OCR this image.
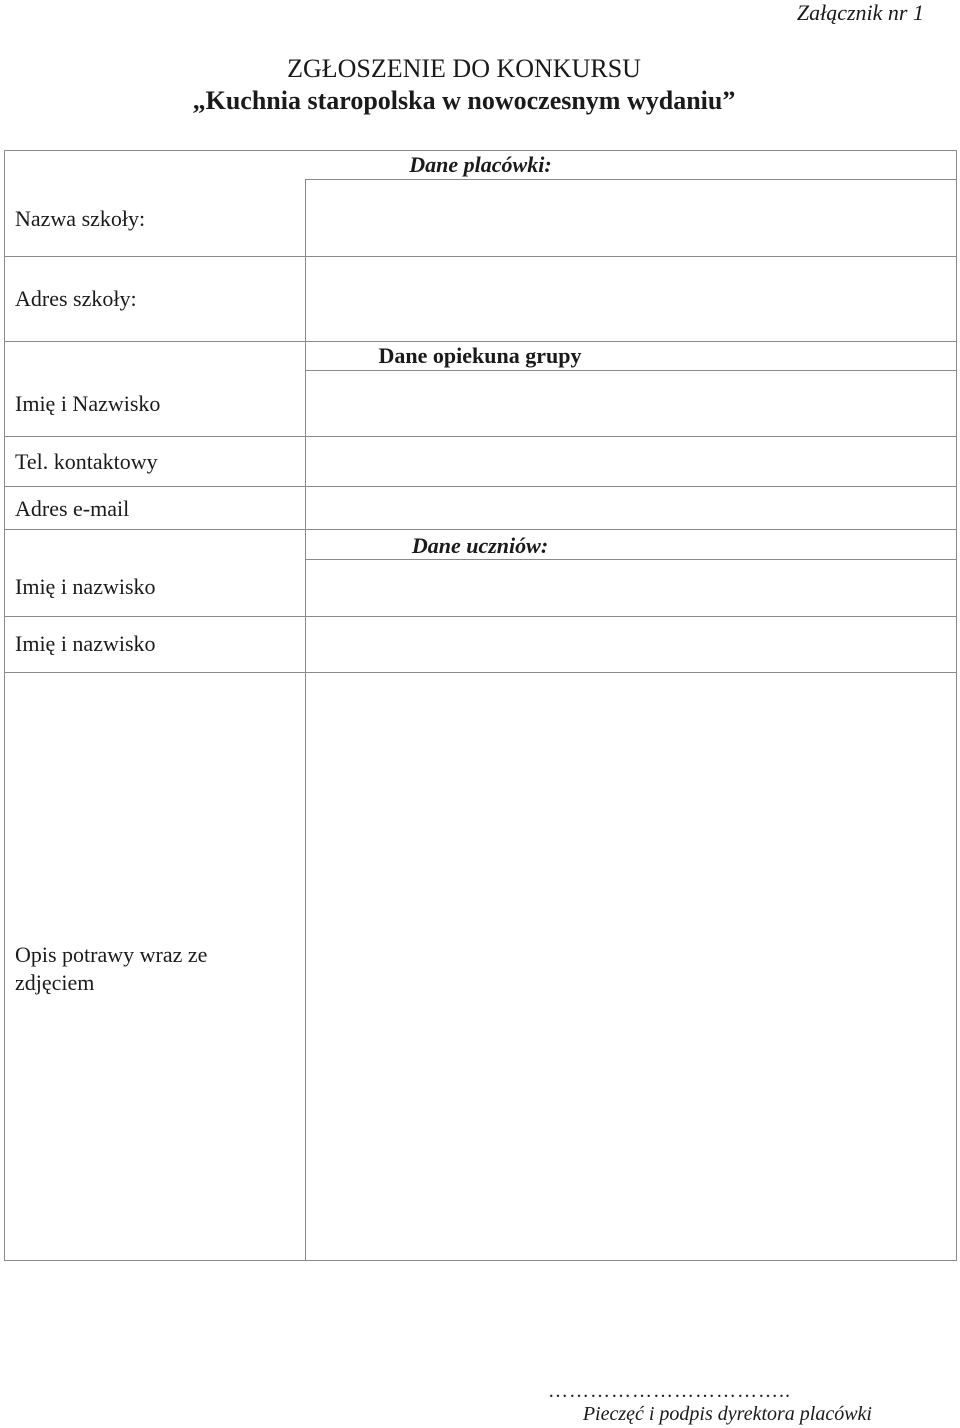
Załącznik nr 1
ZGŁOSZENIE DO KONKURSU
„Kuchnia staropolska w nowoczesnym wydaniu”
Dane placówki:
Nazwa szkoły:
Adres szkoły:
Dane opiekuna grupy
Imię i Nazwisko
Tel. kontaktowy
Adres e-mail
Dane uczniów:
Imię i nazwisko
Imię i nazwisko
Opis potrawy wraz ze zdjęciem
……………………………..
Pieczęć i podpis dyrektora placówki
